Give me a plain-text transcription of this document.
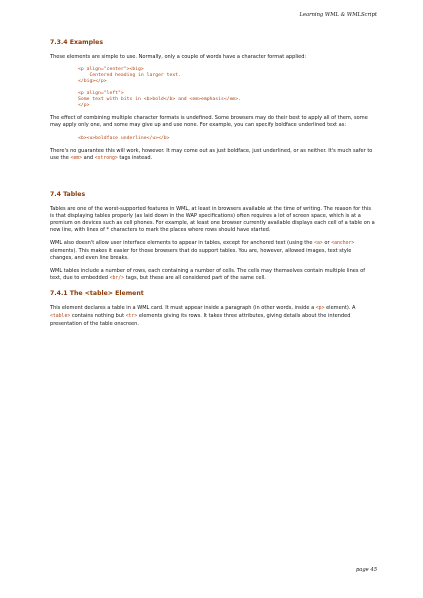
Learning WML & WMLScript
7.3.4 Examples

These elements are simple to use. Normally, only a couple of words have a character format applied:

<p align="center"><big>
Centered heading in larger text.
</big></p>
<p align="left">
Some text with bits in <b>bold</b> and <em>emphasis</em>.
</p>

The effect of combining multiple character formats is undefined. Some browsers may do their best to apply all of them, some may apply only one, and some may give up and use none. For example, you can specify boldface underlined text as:

<b><u>boldface underline</u></b>

There's no guarantee this will work, however. It may come out as just boldface, just underlined, or as neither. It's much safer to use the <em> and <strong> tags instead.

7.4 Tables

Tables are one of the worst-supported features in WML, at least in browsers available at the time of writing. The reason for this is that displaying tables properly (as laid down in the WAP specifications) often requires a lot of screen space, which is at a premium on devices such as cell phones. For example, at least one browser currently available displays each cell of a table on a new line, with lines of * characters to mark the places where rows should have started.

WML also doesn't allow user interface elements to appear in tables, except for anchored text (using the <a> or <anchor> elements). This makes it easier for those browsers that do support tables. You are, however, allowed images, text style changes, and even line breaks.

WML tables include a number of rows, each containing a number of cells. The cells may themselves contain multiple lines of text, due to embedded <br/> tags, but these are all considered part of the same cell.

7.4.1 The <table> Element

This element declares a table in a WML card. It must appear inside a paragraph (in other words, inside a <p> element). A <table> contains nothing but <tr> elements giving its rows. It takes three attributes, giving details about the intended presentation of the table onscreen.

page 45
